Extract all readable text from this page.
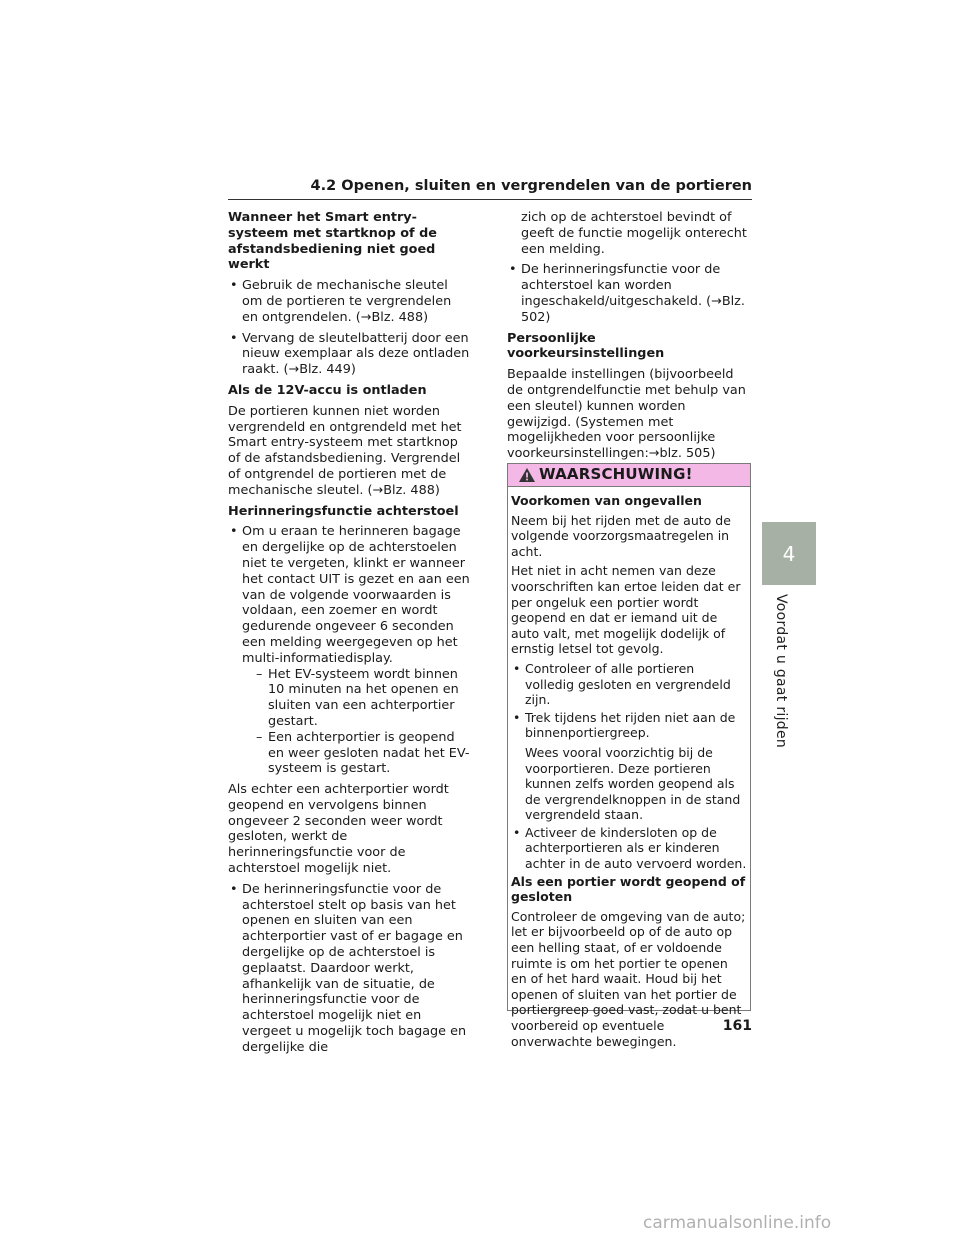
4.2 Openen, sluiten en vergrendelen van de portieren
Wanneer het Smart entry-systeem met startknop of de afstandsbediening niet goed werkt
• Gebruik de mechanische sleutel om de portieren te vergrendelen en ontgrendelen. (→Blz. 488)
• Vervang de sleutelbatterij door een nieuw exemplaar als deze ontladen raakt. (→Blz. 449)
Als de 12V-accu is ontladen

De portieren kunnen niet worden vergrendeld en ontgrendeld met het Smart entry-systeem met startknop of de afstandsbediening. Vergrendel of ontgrendel de portieren met de mechanische sleutel. (→Blz. 488)

Herinneringsfunctie achterstoel
• Om u eraan te herinneren bagage en dergelijke op de achterstoelen niet te vergeten, klinkt er wanneer het contact UIT is gezet en aan een van de volgende voorwaarden is voldaan, een zoemer en wordt gedurende ongeveer 6 seconden een melding weergegeven op het multi-informatiedisplay.
– Het EV-systeem wordt binnen 10 minuten na het openen en sluiten van een achterportier gestart.
– Een achterportier is geopend en weer gesloten nadat het EV-systeem is gestart.

Als echter een achterportier wordt geopend en vervolgens binnen ongeveer 2 seconden weer wordt gesloten, werkt de herinneringsfunctie voor de achterstoel mogelijk niet.

• De herinneringsfunctie voor de achterstoel stelt op basis van het openen en sluiten van een achterportier vast of er bagage en dergelijke op de achterstoel is geplaatst. Daardoor werkt, afhankelijk van de situatie, de herinneringsfunctie voor de achterstoel mogelijk niet en vergeet u mogelijk toch bagage en dergelijke die

zich op de achterstoel bevindt of geeft de functie mogelijk onterecht een melding.

• De herinneringsfunctie voor de achterstoel kan worden ingeschakeld/uitgeschakeld. (→Blz. 502)
Persoonlijke voorkeursinstellingen

Bepaalde instellingen (bijvoorbeeld de ontgrendelfunctie met behulp van een sleutel) kunnen worden gewijzigd. (Systemen met mogelijkheden voor persoonlijke voorkeursinstellingen:→blz. 505)

WAARSCHUWING!
Voorkomen van ongevallen

Neem bij het rijden met de auto de volgende voorzorgsmaatregelen in acht.

Het niet in acht nemen van deze voorschriften kan ertoe leiden dat er per ongeluk een portier wordt geopend en dat er iemand uit de auto valt, met mogelijk dodelijk of ernstig letsel tot gevolg.

• Controleer of alle portieren volledig gesloten en vergrendeld zijn.
• Trek tijdens het rijden niet aan de binnenportiergreep.
Wees vooral voorzichtig bij de voorportieren. Deze portieren kunnen zelfs worden geopend als de vergrendelknoppen in de stand vergrendeld staan.
• Activeer de kindersloten op de achterportieren als er kinderen achter in de auto vervoerd worden.
Als een portier wordt geopend of gesloten

Controleer de omgeving van de auto; let er bijvoorbeeld op of de auto op een helling staat, of er voldoende ruimte is om het portier te openen en of het hard waait. Houd bij het openen of sluiten van het portier de portiergreep goed vast, zodat u bent voorbereid op eventuele onverwachte bewegingen.

4
Voordat u gaat rijden
161
carmanualsonline.info
